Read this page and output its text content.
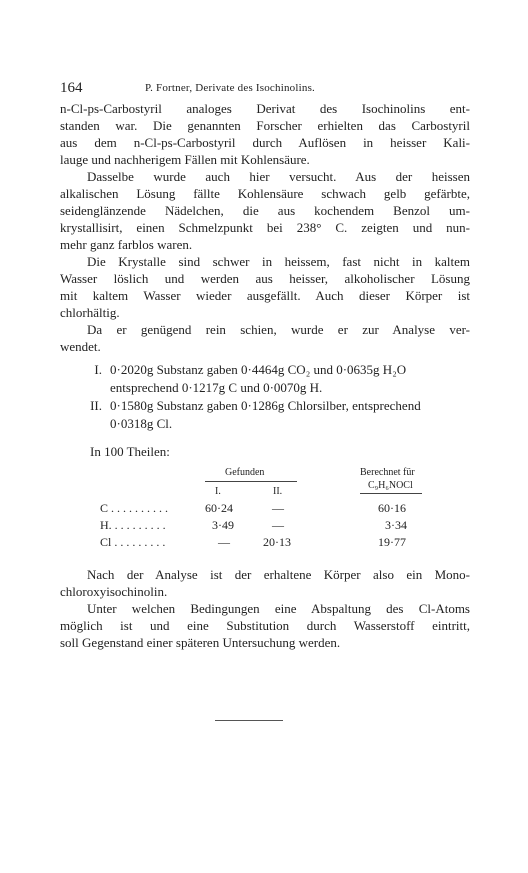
164	P. Fortner, Derivate des Isochinolins.
n-Cl-ps-Carbostyril analoges Derivat des Isochinolins ent-
standen war. Die genannten Forscher erhielten das Carbostyril
aus dem n-Cl-ps-Carbostyril durch Auflösen in heisser Kali-
lauge und nachherigem Fällen mit Kohlensäure.
Dasselbe wurde auch hier versucht. Aus der heissen
alkalischen Lösung fällte Kohlensäure schwach gelb gefärbte,
seidenglänzende Nädelchen, die aus kochendem Benzol um-
krystallisirt, einen Schmelzpunkt bei 238° C. zeigten und nun-
mehr ganz farblos waren.
Die Krystalle sind schwer in heissem, fast nicht in kaltem
Wasser löslich und werden aus heisser, alkoholischer Lösung
mit kaltem Wasser wieder ausgefällt. Auch dieser Körper ist
chlorhältig.
Da er genügend rein schien, wurde er zur Analyse ver-
wendet.
I. 0·2020g Substanz gaben 0·4464g CO₂ und 0·0635g H₂O
entsprechend 0·1217g C und 0·0070g H.
II. 0·1580g Substanz gaben 0·1286g Chlorsilber, entsprechend
0·0318g Cl.
In 100 Theilen:
Gefunden
I.	II.
Berechnet für
C₉H₆NOCl
C . . . . . . . . . .	60·24	—	60·16
H. . . . . . . . . .	3·49	—	3·34
Cl . . . . . . . . .	—	20·13	19·77
Nach der Analyse ist der erhaltene Körper also ein Mono-
chloroxyisochinolin.
Unter welchen Bedingungen eine Abspaltung des Cl-Atoms
möglich ist und eine Substitution durch Wasserstoff eintritt,
soll Gegenstand einer späteren Untersuchung werden.
